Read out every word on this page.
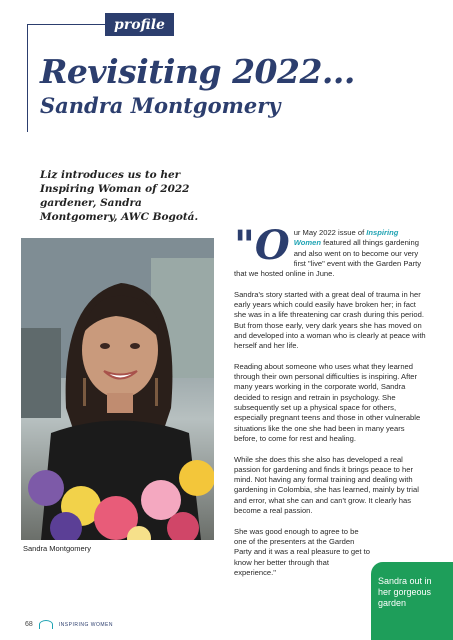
profile
Revisiting 2022...
Sandra Montgomery

Liz introduces us to her Inspiring Woman of 2022 gardener, Sandra Montgomery, AWC Bogotá.

Sandra Montgomery

"Our May 2022 issue of Inspiring Women featured all things gardening and also went on to become our very first "live" event with the Garden Party that we hosted online in June.

Sandra's story started with a great deal of trauma in her early years which could easily have broken her; in fact she was in a life threatening car crash during this period. But from those early, very dark years she has moved on and developed into a woman who is clearly at peace with herself and her life.

Reading about someone who uses what they learned through their own personal difficulties is inspiring. After many years working in the corporate world, Sandra decided to resign and retrain in psychology. She subsequently set up a physical space for others, especially pregnant teens and those in other vulnerable situations like the one she had been in many years before, to come for rest and healing.

While she does this she also has developed a real passion for gardening and finds it brings peace to her mind. Not having any formal training and dealing with gardening in Colombia, she has learned, mainly by trial and error, what she can and can't grow. It clearly has become a real passion.

She was good enough to agree to be one of the presenters at the Garden Party and it was a real pleasure to get to know her better through that experience."

Sandra out in her gorgeous garden
68	INSPIRING WOMEN
